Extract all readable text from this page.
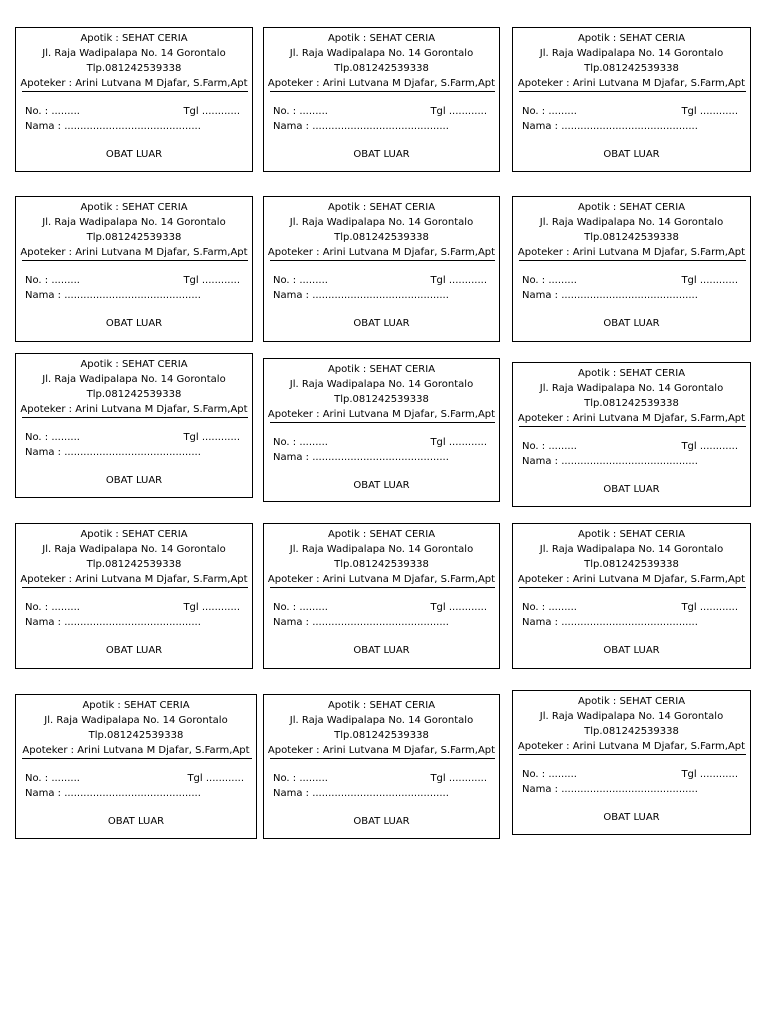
Apotik : SEHAT CERIA
Jl. Raja Wadipalapa No. 14 Gorontalo
Tlp.081242539338
Apoteker : Arini Lutvana M Djafar, S.Farm,Apt
No. : .........	Tgl ............
Nama : ...........................................
OBAT LUAR
Apotik : SEHAT CERIA
Jl. Raja Wadipalapa No. 14 Gorontalo
Tlp.081242539338
Apoteker : Arini Lutvana M Djafar, S.Farm,Apt
No. : .........	Tgl ............
Nama : ...........................................
OBAT LUAR
Apotik : SEHAT CERIA
Jl. Raja Wadipalapa No. 14 Gorontalo
Tlp.081242539338
Apoteker : Arini Lutvana M Djafar, S.Farm,Apt
No. : .........	Tgl ............
Nama : ...........................................
OBAT LUAR
Apotik : SEHAT CERIA
Jl. Raja Wadipalapa No. 14 Gorontalo
Tlp.081242539338
Apoteker : Arini Lutvana M Djafar, S.Farm,Apt
No. : .........	Tgl ............
Nama : ...........................................
OBAT LUAR
Apotik : SEHAT CERIA
Jl. Raja Wadipalapa No. 14 Gorontalo
Tlp.081242539338
Apoteker : Arini Lutvana M Djafar, S.Farm,Apt
No. : .........	Tgl ............
Nama : ...........................................
OBAT LUAR
Apotik : SEHAT CERIA
Jl. Raja Wadipalapa No. 14 Gorontalo
Tlp.081242539338
Apoteker : Arini Lutvana M Djafar, S.Farm,Apt
No. : .........	Tgl ............
Nama : ...........................................
OBAT LUAR
Apotik : SEHAT CERIA
Jl. Raja Wadipalapa No. 14 Gorontalo
Tlp.081242539338
Apoteker : Arini Lutvana M Djafar, S.Farm,Apt
No. : .........	Tgl ............
Nama : ...........................................
OBAT LUAR
Apotik : SEHAT CERIA
Jl. Raja Wadipalapa No. 14 Gorontalo
Tlp.081242539338
Apoteker : Arini Lutvana M Djafar, S.Farm,Apt
No. : .........	Tgl ............
Nama : ...........................................
OBAT LUAR
Apotik : SEHAT CERIA
Jl. Raja Wadipalapa No. 14 Gorontalo
Tlp.081242539338
Apoteker : Arini Lutvana M Djafar, S.Farm,Apt
No. : .........	Tgl ............
Nama : ...........................................
OBAT LUAR
Apotik : SEHAT CERIA
Jl. Raja Wadipalapa No. 14 Gorontalo
Tlp.081242539338
Apoteker : Arini Lutvana M Djafar, S.Farm,Apt
No. : .........	Tgl ............
Nama : ...........................................
OBAT LUAR
Apotik : SEHAT CERIA
Jl. Raja Wadipalapa No. 14 Gorontalo
Tlp.081242539338
Apoteker : Arini Lutvana M Djafar, S.Farm,Apt
No. : .........	Tgl ............
Nama : ...........................................
OBAT LUAR
Apotik : SEHAT CERIA
Jl. Raja Wadipalapa No. 14 Gorontalo
Tlp.081242539338
Apoteker : Arini Lutvana M Djafar, S.Farm,Apt
No. : .........	Tgl ............
Nama : ...........................................
OBAT LUAR
Apotik : SEHAT CERIA
Jl. Raja Wadipalapa No. 14 Gorontalo
Tlp.081242539338
Apoteker : Arini Lutvana M Djafar, S.Farm,Apt
No. : .........	Tgl ............
Nama : ...........................................
OBAT LUAR
Apotik : SEHAT CERIA
Jl. Raja Wadipalapa No. 14 Gorontalo
Tlp.081242539338
Apoteker : Arini Lutvana M Djafar, S.Farm,Apt
No. : .........	Tgl ............
Nama : ...........................................
OBAT LUAR
Apotik : SEHAT CERIA
Jl. Raja Wadipalapa No. 14 Gorontalo
Tlp.081242539338
Apoteker : Arini Lutvana M Djafar, S.Farm,Apt
No. : .........	Tgl ............
Nama : ...........................................
OBAT LUAR
